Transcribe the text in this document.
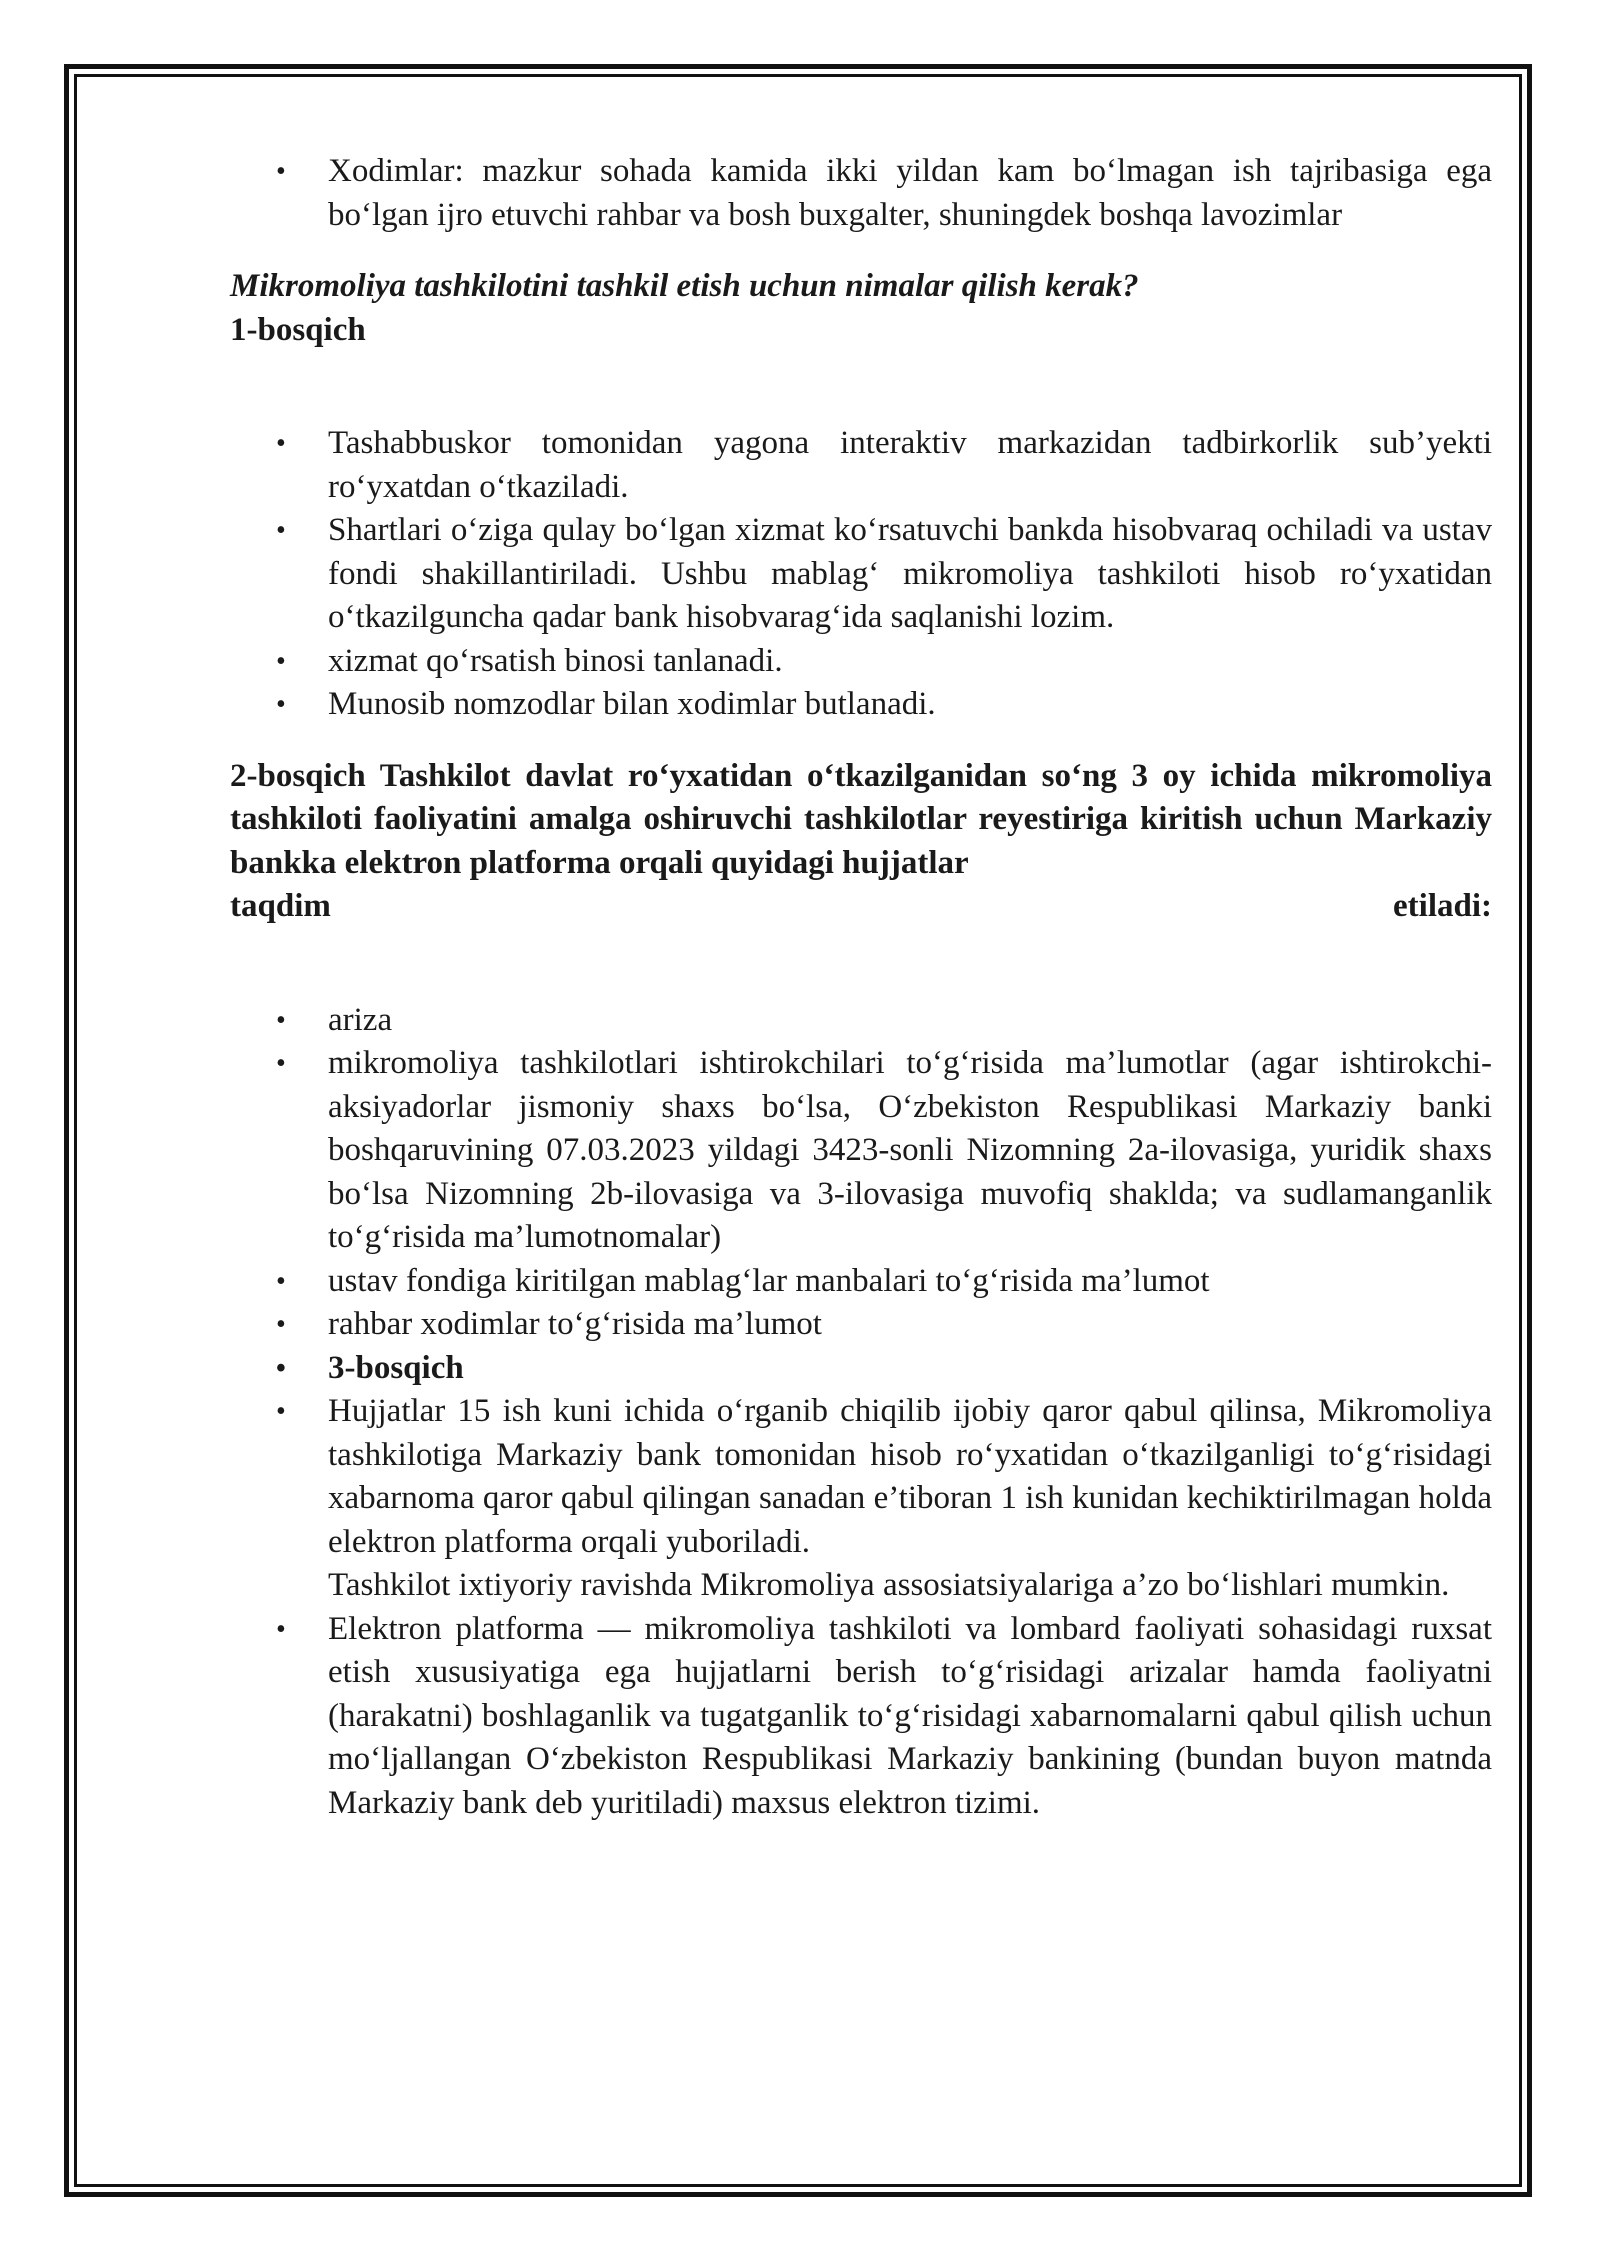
• Xodimlar: mazkur sohada kamida ikki yildan kam bo‘lmagan ish tajribasiga ega bo‘lgan ijro etuvchi rahbar va bosh buxgalter, shuningdek boshqa lavozimlar
Mikromoliya tashkilotini tashkil etish uchun nimalar qilish kerak?
1-bosqich
• Tashabbuskor tomonidan yagona interaktiv markazidan tadbirkorlik sub’yekti ro‘yxatdan o‘tkaziladi.
• Shartlari o‘ziga qulay bo‘lgan xizmat ko‘rsatuvchi bankda hisobvaraq ochiladi va ustav fondi shakillantiriladi. Ushbu mablag‘ mikromoliya tashkiloti hisob ro‘yxatidan o‘tkazilguncha qadar bank hisobvarag‘ida saqlanishi lozim.
• xizmat qo‘rsatish binosi tanlanadi.
• Munosib nomzodlar bilan xodimlar butlanadi.
2-bosqich Tashkilot davlat ro‘yxatidan o‘tkazilganidan so‘ng 3 oy ichida mikromoliya tashkiloti faoliyatini amalga oshiruvchi tashkilotlar reyestiriga kiritish uchun Markaziy bankka elektron platforma orqali quyidagi hujjatlar
taqdim	etiladi:
• ariza
• mikromoliya tashkilotlari ishtirokchilari to‘g‘risida ma’lumotlar (agar ishtirokchi-aksiyadorlar jismoniy shaxs bo‘lsa, O‘zbekiston Respublikasi Markaziy banki boshqaruvining 07.03.2023 yildagi 3423-sonli Nizomning 2a-ilovasiga, yuridik shaxs bo‘lsa Nizomning 2b-ilovasiga va 3-ilovasiga muvofiq shaklda; va sudlamanganlik to‘g‘risida ma’lumotnomalar)
• ustav fondiga kiritilgan mablag‘lar manbalari to‘g‘risida ma’lumot
• rahbar xodimlar to‘g‘risida ma’lumot
• 3-bosqich
• Hujjatlar 15 ish kuni ichida o‘rganib chiqilib ijobiy qaror qabul qilinsa, Mikromoliya tashkilotiga Markaziy bank tomonidan hisob ro‘yxatidan o‘tkazilganligi to‘g‘risidagi xabarnoma qaror qabul qilingan sanadan e’tiboran 1 ish kunidan kechiktirilmagan holda elektron platforma orqali yuboriladi.
Tashkilot ixtiyoriy ravishda Mikromoliya assosiatsiyalariga a’zo bo‘lishlari mumkin.
• Elektron platforma — mikromoliya tashkiloti va lombard faoliyati sohasidagi ruxsat etish xususiyatiga ega hujjatlarni berish to‘g‘risidagi arizalar hamda faoliyatni (harakatni) boshlaganlik va tugatganlik to‘g‘risidagi xabarnomalarni qabul qilish uchun mo‘ljallangan O‘zbekiston Respublikasi Markaziy bankining (bundan buyon matnda Markaziy bank deb yuritiladi) maxsus elektron tizimi.
